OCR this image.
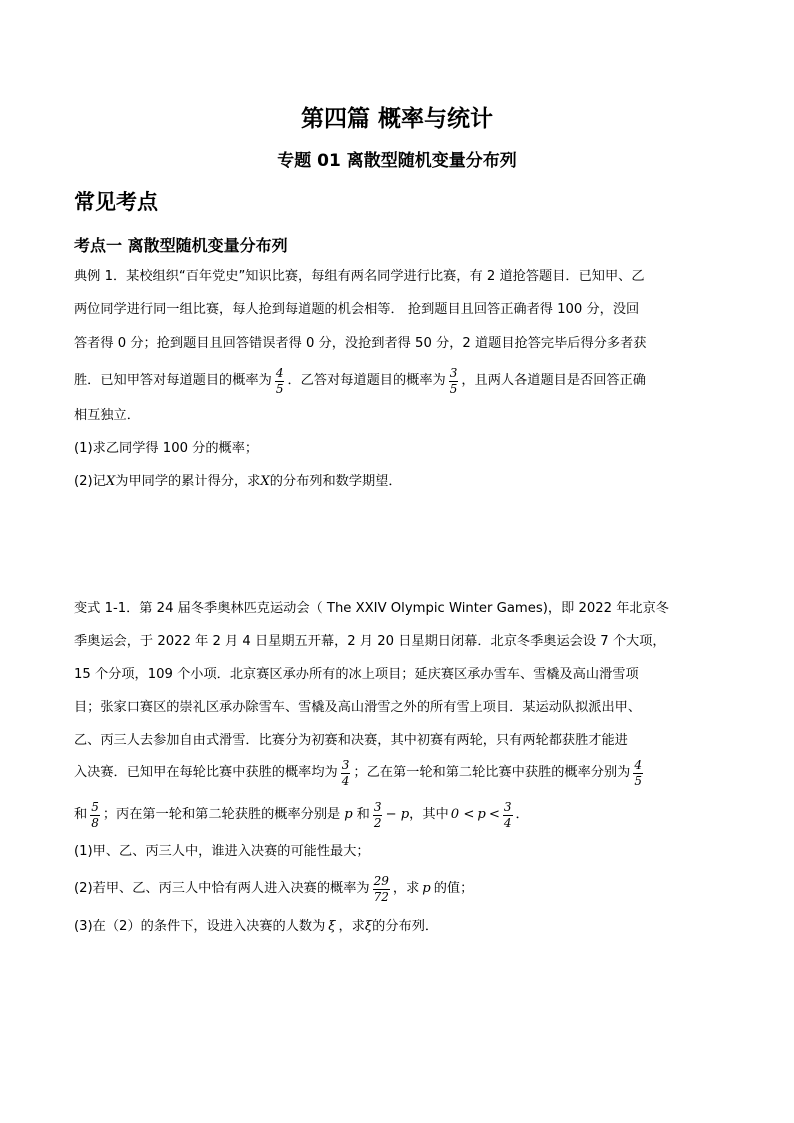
第四篇 概率与统计
专题 01 离散型随机变量分布列
常见考点
考点一 离散型随机变量分布列
典例 1．某校组织“百年党史”知识比赛，每组有两名同学进行比赛，有 2 道抢答题目．已知甲、乙
两位同学进行同一组比赛，每人抢到每道题的机会相等． 抢到题目且回答正确者得 100 分，没回
答者得 0 分；抢到题目且回答错误者得 0 分，没抢到者得 50 分，2 道题目抢答完毕后得分多者获
胜．已知甲答对每道题目的概率为 $\frac{4}{5}$ ．乙答对每道题目的概率为 $\frac{3}{5}$ ，且两人各道题目是否回答正确
相互独立．
(1)求乙同学得 100 分的概率；
(2)记X为甲同学的累计得分，求X的分布列和数学期望．
变式 1-1．第 24 届冬季奥林匹克运动会（ The XXIV Olympic Winter Games)，即 2022 年北京冬
季奥运会，于 2022 年 2 月 4 日星期五开幕，2 月 20 日星期日闭幕．北京冬季奥运会设 7 个大项，
15 个分项，109 个小项．北京赛区承办所有的冰上项目；延庆赛区承办雪车、雪橇及高山滑雪项
目；张家口赛区的崇礼区承办除雪车、雪橇及高山滑雪之外的所有雪上项目．某运动队拟派出甲、
乙、丙三人去参加自由式滑雪．比赛分为初赛和决赛，其中初赛有两轮，只有两轮都获胜才能进
入决赛．已知甲在每轮比赛中获胜的概率均为 $\frac{3}{4}$ ；乙在第一轮和第二轮比赛中获胜的概率分别为 $\frac{4}{5}$
和 $\frac{5}{8}$ ；丙在第一轮和第二轮获胜的概率分别是 p 和 $\frac{3}{2} - p$ ，其中 $0 < p < \frac{3}{4}$ ．
(1)甲、乙、丙三人中，谁进入决赛的可能性最大；
(2)若甲、乙、丙三人中恰有两人进入决赛的概率为 $\frac{29}{72}$ ，求 p 的值；
(3)在（2）的条件下，设进入决赛的人数为 ξ ，求ξ的分布列．
